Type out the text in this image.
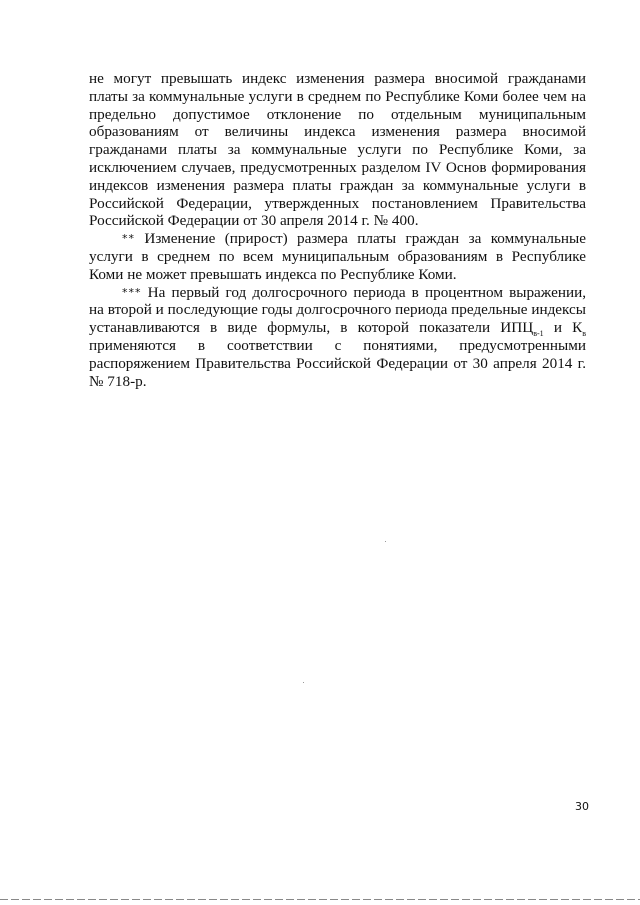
не могут превышать индекс изменения размера вносимой гражданами платы за коммунальные услуги в среднем по Республике Коми более чем на предельно допустимое отклонение по отдельным муниципальным образованиям от величины индекса изменения размера вносимой гражданами платы за коммунальные услуги по Республике Коми, за исключением случаев, предусмотренных разделом IV Основ формирования индексов изменения размера платы граждан за коммунальные услуги в Российской Федерации, утвержденных постановлением Правительства Российской Федерации от 30 апреля 2014 г. № 400.

** Изменение (прирост) размера платы граждан за коммунальные услуги в среднем по всем муниципальным образованиям в Республике Коми не может превышать индекса по Республике Коми.

*** На первый год долгосрочного периода в процентном выражении, на второй и последующие годы долгосрочного периода предельные индексы устанавливаются в виде формулы, в которой показатели $ИПЦ_{в-1}$ и $К_в$ применяются в соответствии с понятиями, предусмотренными распоряжением Правительства Российской Федерации от 30 апреля 2014 г. № 718-р.

30
